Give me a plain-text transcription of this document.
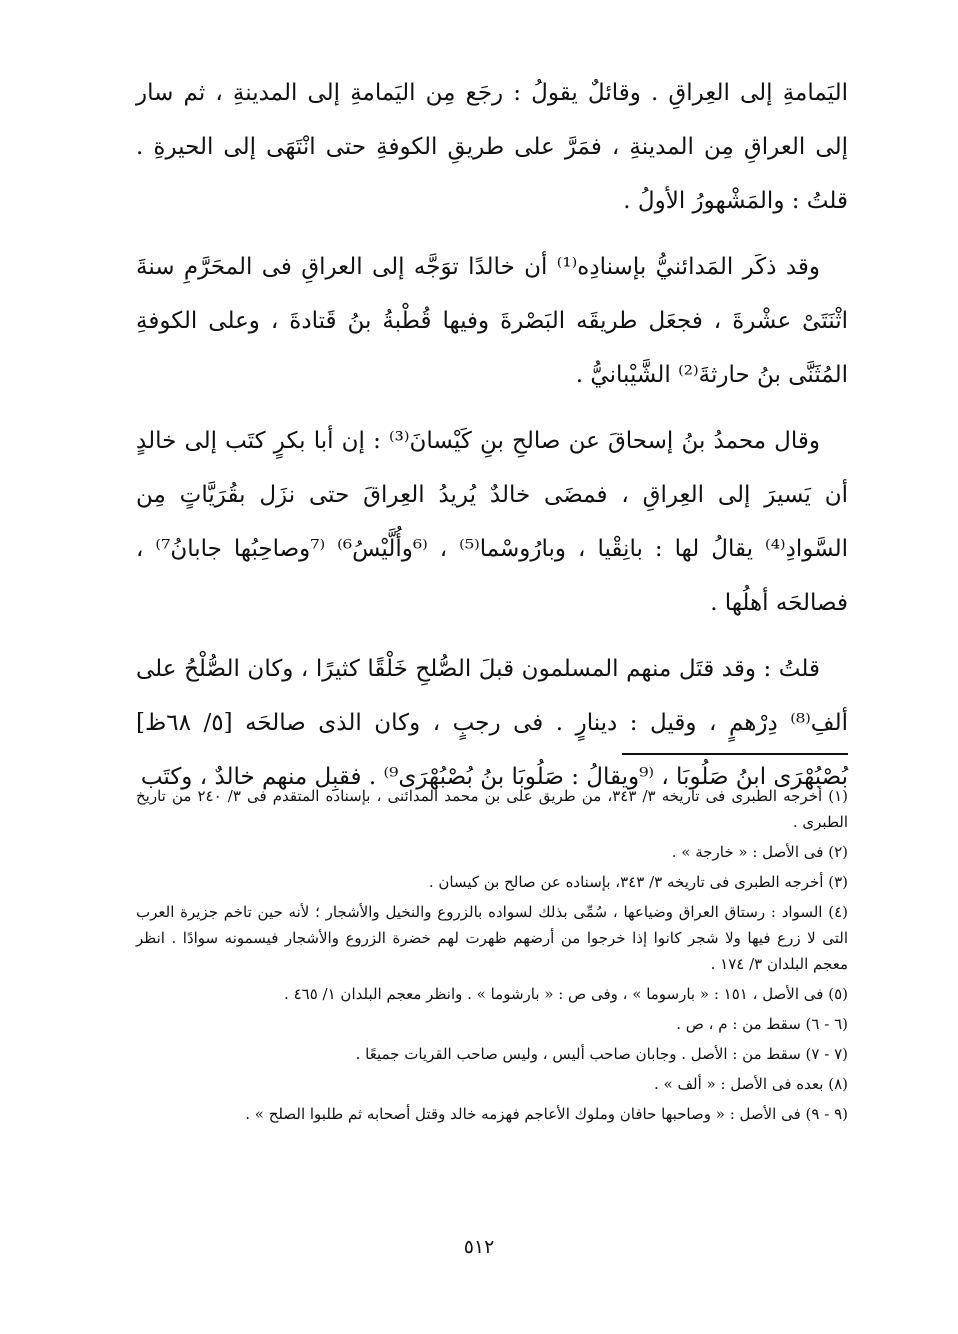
اليَمامةِ إلى العِراقِ . وقائلٌ يقولُ : رجَع مِن اليَمامةِ إلى المدينةِ ، ثم سار إلى العراقِ مِن المدينةِ ، فمَرَّ على طريقِ الكوفةِ حتى انْتَهَى إلى الحيرةِ . قلتُ : والمَشْهورُ الأولُ .

وقد ذكَر المَدائنيُّ بإسنادِه⁽¹⁾ أن خالدًا توَجَّه إلى العراقِ فى المحَرَّمِ سنةَ اثْنَتَىْ عشْرةَ ، فجعَل طريقَه البَصْرةَ وفيها قُطْبةُ بنُ قَتادةَ ، وعلى الكوفةِ المُثَنَّى بنُ حارثةَ⁽²⁾ الشَّيْبانيُّ .

وقال محمدُ بنُ إسحاقَ عن صالحِ بنِ كَيْسانَ⁽³⁾ : إن أبا بكرٍ كتَب إلى خالدٍ أن يَسيرَ إلى العِراقِ ، فمضَى خالدٌ يُريدُ العِراقَ حتى نزَل بقُرَيَّاتٍ مِن السَّوادِ⁽⁴⁾ يقالُ لها : بانِقْيا ، وبارُوسْما⁽⁵⁾ ، ⁽⁶وأُلَّيْسُ⁶⁾ ⁽⁷وصاحِبُها جابانُ⁷⁾ ، فصالحَه أهلُها .

قلتُ : وقد قتَل منهم المسلمون قبلَ الصُّلحِ خَلْقًا كثيرًا ، وكان الصُّلْحُ على ألفِ⁽⁸⁾ دِرْهمٍ ، وقيل : دينارٍ . فى رجبٍ ، وكان الذى صالحَه [٥/ ٦٨ظ] بُصْبُهْرَى ابنُ صَلُوبَا ، ⁽⁹ويقالُ : صَلُوبَا بنُ بُصْبُهْرَى⁹⁾ . فقبِل منهم خالدٌ ، وكتَب

(١) أخرجه الطبرى فى تاريخه ٣/ ٣٤٣، من طريق على بن محمد المدائنى ، بإسناده المتقدم فى ٣/ ٢٤٠ من تاريخ الطبرى .

(٢) فى الأصل : « خارجة » .

(٣) أخرجه الطبرى فى تاريخه ٣/ ٣٤٣، بإسناده عن صالح بن كيسان .

(٤) السواد : رستاق العراق وضياعها ، سُمِّى بذلك لسواده بالزروع والنخيل والأشجار ؛ لأنه حين تاخم جزيرة العرب التى لا زرع فيها ولا شجر كانوا إذا خرجوا من أرضهم ظهرت لهم خضرة الزروع والأشجار فيسمونه سوادًا . انظر معجم البلدان ٣/ ١٧٤ .

(٥) فى الأصل ، ١٥١ : « بارسوما » ، وفى ص : « بارشوما » . وانظر معجم البلدان ١/ ٤٦٥ .

(٦ - ٦) سقط من : م ، ص .

(٧ - ٧) سقط من : الأصل . وجابان صاحب أليس ، وليس صاحب القريات جميعًا .

(٨) بعده فى الأصل : « ألف » .

(٩ - ٩) فى الأصل : « وصاحبها حافان وملوك الأعاجم فهزمه خالد وقتل أصحابه ثم طلبوا الصلح » .

٥١٢
